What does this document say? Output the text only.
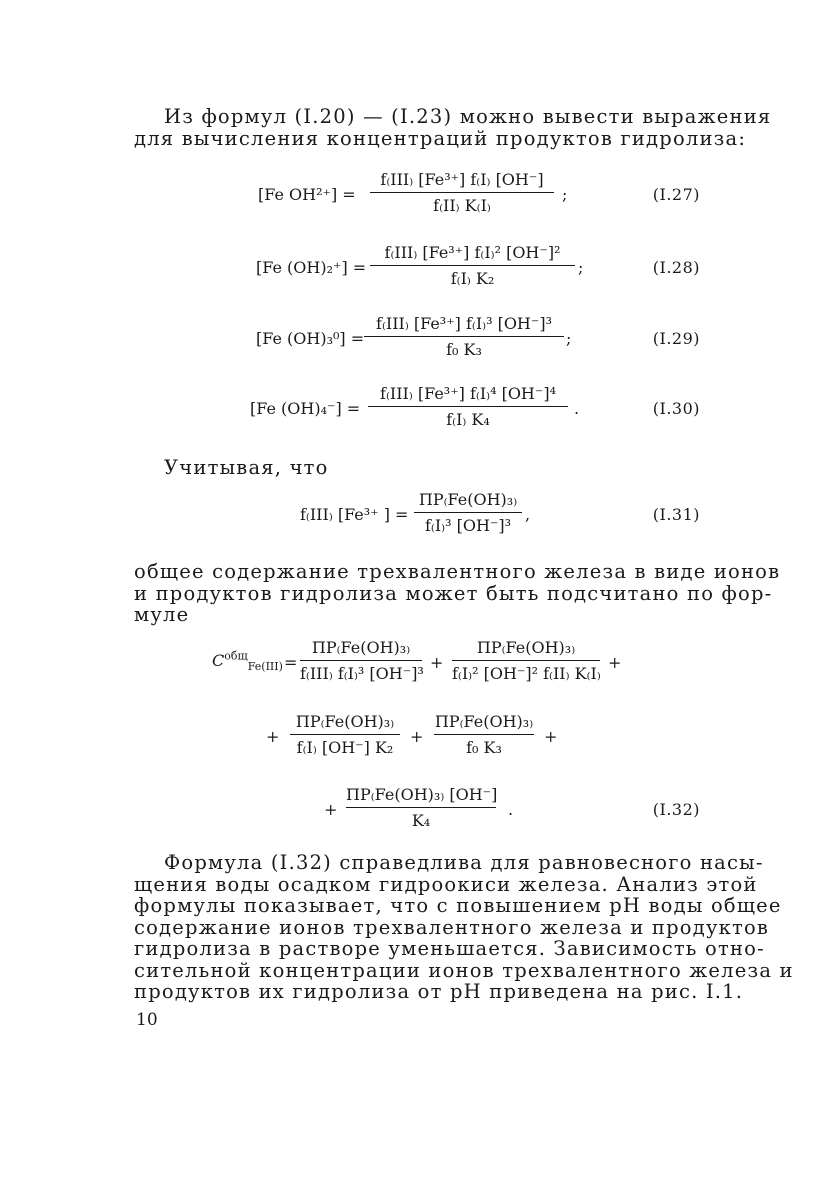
Из формул (I.20) — (I.23) можно вывести выражения
для вычисления концентраций продуктов гидролиза:
[Fe OH²⁺] =
f₍III₎ [Fe³⁺] f₍I₎ [OH⁻]
f₍II₎ K₍I₎
;	(I.27)
[Fe (OH)₂⁺] =
f₍III₎ [Fe³⁺] f₍I₎² [OH⁻]²
f₍I₎ K₂
;	(I.28)
[Fe (OH)₃⁰] =
f₍III₎ [Fe³⁺] f₍I₎³ [OH⁻]³
f₀ K₃
;	(I.29)
[Fe (OH)₄⁻] =
f₍III₎ [Fe³⁺] f₍I₎⁴ [OH⁻]⁴
f₍I₎ K₄
.	(I.30)
Учитывая, что
f₍III₎ [Fe³⁺ ] =
ПР₍Fe(OH)₃₎
f₍I₎³ [OH⁻]³
,	(I.31)
общее содержание трехвалентного железа в виде ионов
и продуктов гидролиза может быть подсчитано по фор-
муле
$C^{общ}_{Fe(III)}$ =
ПР₍Fe(OH)₃₎
f₍III₎ f₍I₎³ [OH⁻]³
+
ПР₍Fe(OH)₃₎
f₍I₎² [OH⁻]² f₍II₎ K₍I₎
+
+
ПР₍Fe(OH)₃₎
f₍I₎ [OH⁻] K₂
+
ПР₍Fe(OH)₃₎
f₀ K₃
+
+
ПР₍Fe(OH)₃₎ [OH⁻]
K₄
.	(I.32)
Формула (I.32) справедлива для равновесного насы-
щения воды осадком гидроокиси железа. Анализ этой
формулы показывает, что с повышением pH воды общее
содержание ионов трехвалентного железа и продуктов
гидролиза в растворе уменьшается. Зависимость отно-
сительной концентрации ионов трехвалентного железа и
продуктов их гидролиза от pH приведена на рис. I.1.
10
